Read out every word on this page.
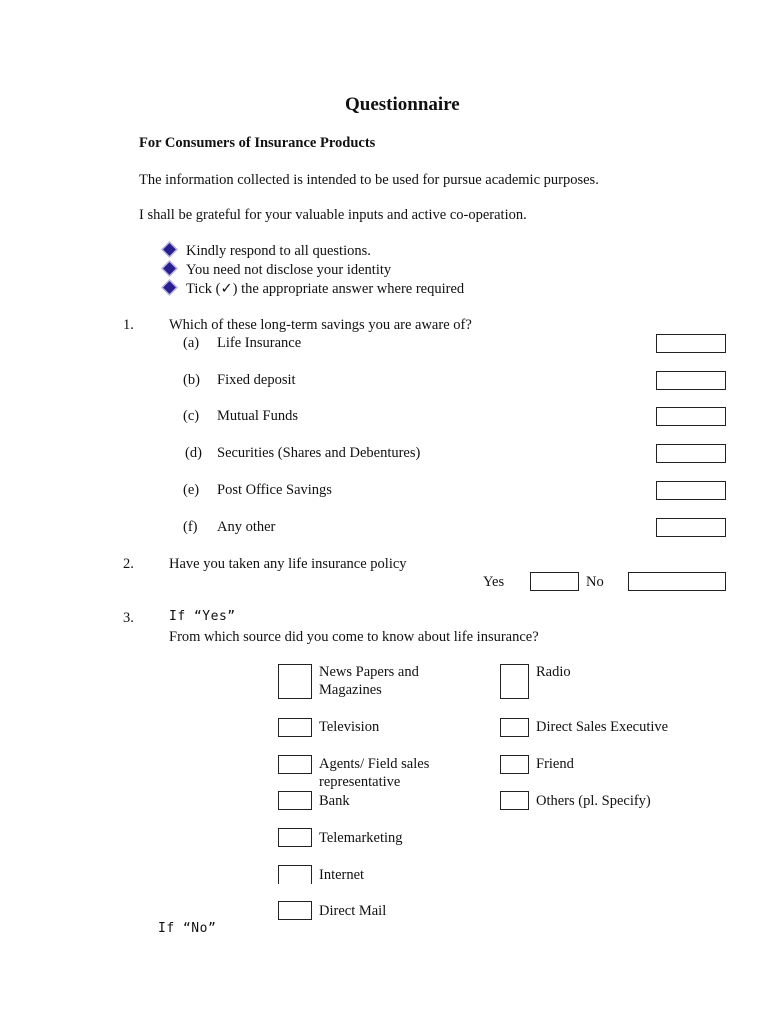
Questionnaire
For Consumers of Insurance Products
The information collected is intended to be used for pursue academic purposes.
I shall be grateful for your valuable inputs and active co-operation.
Kindly respond to all questions.
You need not disclose your identity
Tick (✓) the appropriate answer where required
1. Which of these long-term savings you are aware of?
(a) Life Insurance
(b) Fixed deposit
(c) Mutual Funds
(d) Securities (Shares and Debentures)
(e) Post Office Savings
(f) Any other
2. Have you taken any life insurance policy
Yes	No
3.	If “Yes”
From which source did you come to know about life insurance?
News Papers and Magazines
Television
Agents/ Field sales representative
Bank
Telemarketing
Internet
Direct Mail
Radio
Direct Sales Executive
Friend
Others (pl. Specify)
If “No”
